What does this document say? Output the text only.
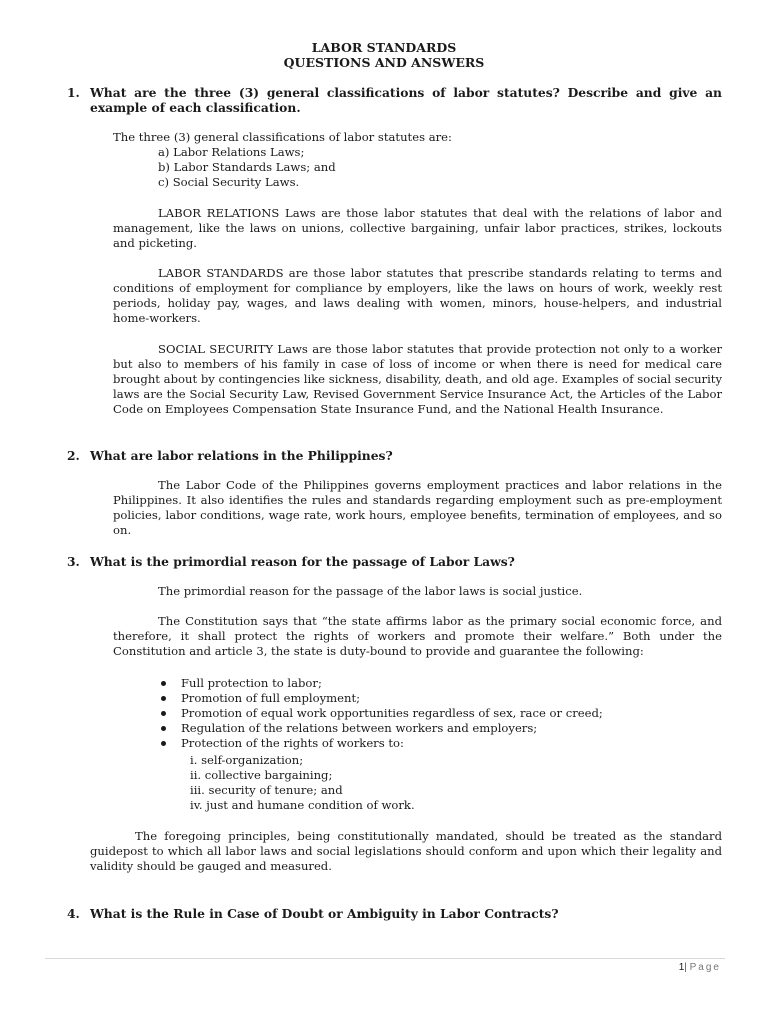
LABOR STANDARDS
QUESTIONS AND ANSWERS
1. What are the three (3) general classifications of labor statutes? Describe and give an example of each classification.
The three (3) general classifications of labor statutes are:
a) Labor Relations Laws;
b) Labor Standards Laws; and
c) Social Security Laws.
LABOR RELATIONS Laws are those labor statutes that deal with the relations of labor and management, like the laws on unions, collective bargaining, unfair labor practices, strikes, lockouts and picketing.
LABOR STANDARDS are those labor statutes that prescribe standards relating to terms and conditions of employment for compliance by employers, like the laws on hours of work, weekly rest periods, holiday pay, wages, and laws dealing with women, minors, house-helpers, and industrial home-workers.
SOCIAL SECURITY Laws are those labor statutes that provide protection not only to a worker but also to members of his family in case of loss of income or when there is need for medical care brought about by contingencies like sickness, disability, death, and old age. Examples of social security laws are the Social Security Law, Revised Government Service Insurance Act, the Articles of the Labor Code on Employees Compensation State Insurance Fund, and the National Health Insurance.
2. What are labor relations in the Philippines?
The Labor Code of the Philippines governs employment practices and labor relations in the Philippines. It also identifies the rules and standards regarding employment such as pre-employment policies, labor conditions, wage rate, work hours, employee benefits, termination of employees, and so on.
3. What is the primordial reason for the passage of Labor Laws?
The primordial reason for the passage of the labor laws is social justice.
The Constitution says that “the state affirms labor as the primary social economic force, and therefore, it shall protect the rights of workers and promote their welfare.” Both under the Constitution and article 3, the state is duty-bound to provide and guarantee the following:
Full protection to labor;
Promotion of full employment;
Promotion of equal work opportunities regardless of sex, race or creed;
Regulation of the relations between workers and employers;
Protection of the rights of workers to:
i. self-organization;
ii. collective bargaining;
iii. security of tenure; and
iv. just and humane condition of work.
The foregoing principles, being constitutionally mandated, should be treated as the standard guidepost to which all labor laws and social legislations should conform and upon which their legality and validity should be gauged and measured.
4. What is the Rule in Case of Doubt or Ambiguity in Labor Contracts?
1| Page
